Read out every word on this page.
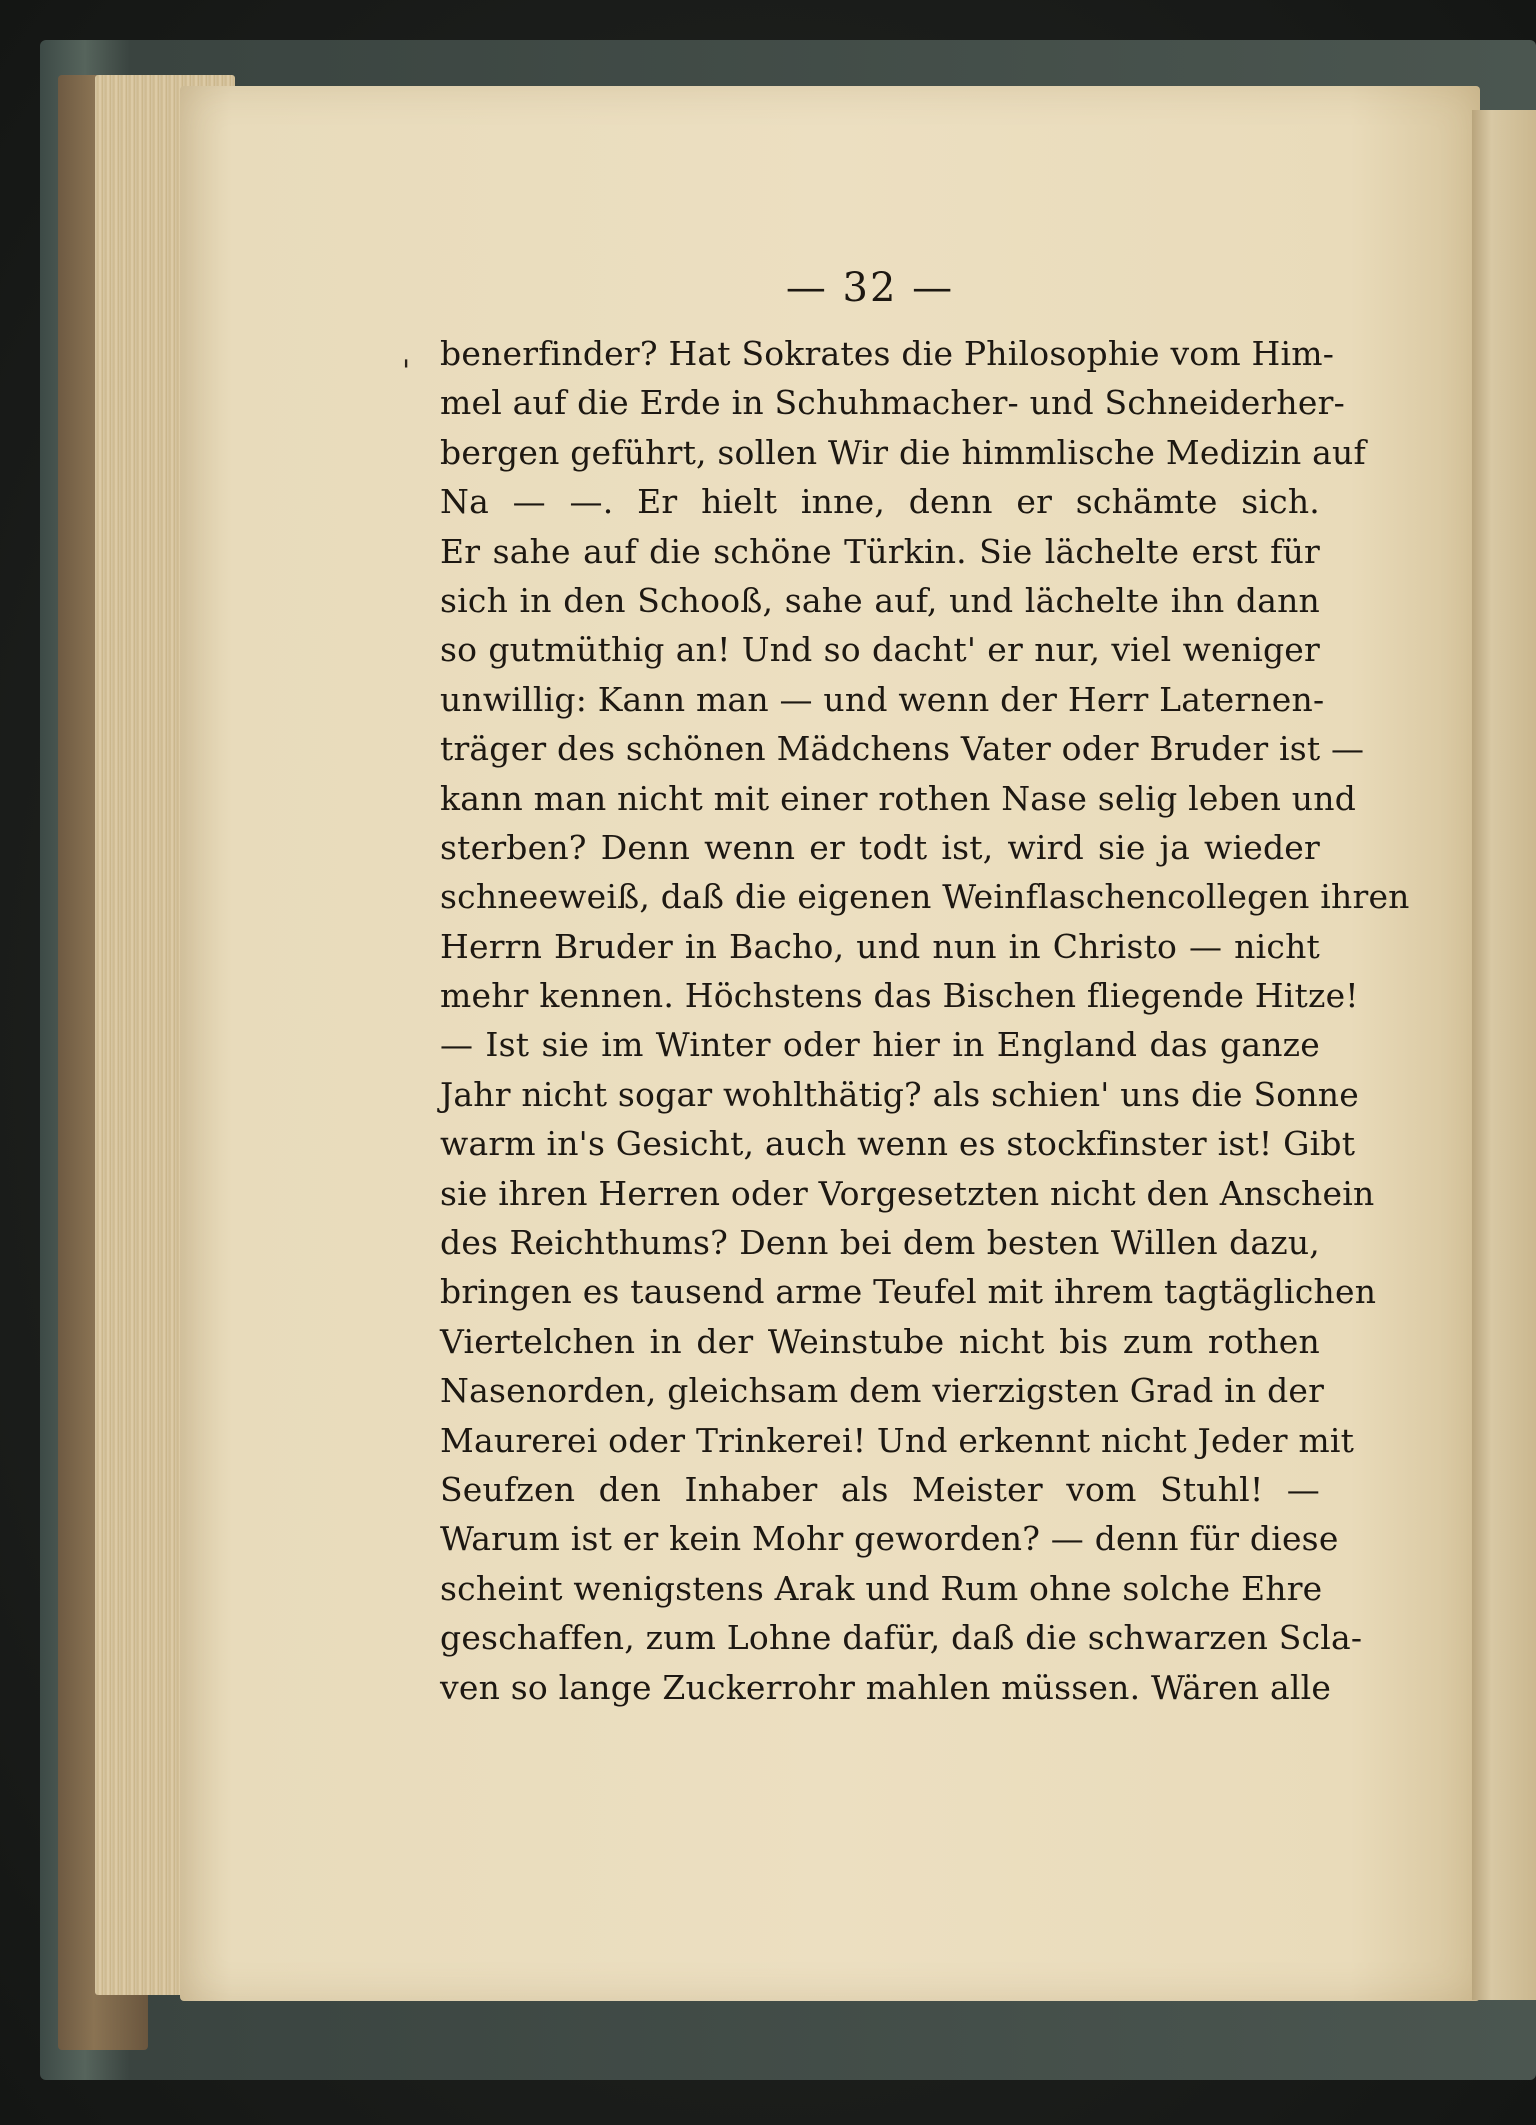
'
— 32 —
benerfinder? Hat Sokrates die Philosophie vom Him-
mel auf die Erde in Schuhmacher- und Schneiderher-
bergen geführt, sollen Wir die himmlische Medizin auf
Na — —. Er hielt inne, denn er schämte sich.
Er sahe auf die schöne Türkin. Sie lächelte erst für
sich in den Schooß, sahe auf, und lächelte ihn dann
so gutmüthig an! Und so dacht' er nur, viel weniger
unwillig: Kann man — und wenn der Herr Laternen-
träger des schönen Mädchens Vater oder Bruder ist —
kann man nicht mit einer rothen Nase selig leben und
sterben? Denn wenn er todt ist, wird sie ja wieder
schneeweiß, daß die eigenen Weinflaschencollegen ihren
Herrn Bruder in Bacho, und nun in Christo — nicht
mehr kennen. Höchstens das Bischen fliegende Hitze!
— Ist sie im Winter oder hier in England das ganze
Jahr nicht sogar wohlthätig? als schien' uns die Sonne
warm in's Gesicht, auch wenn es stockfinster ist! Gibt
sie ihren Herren oder Vorgesetzten nicht den Anschein
des Reichthums? Denn bei dem besten Willen dazu,
bringen es tausend arme Teufel mit ihrem tagtäglichen
Viertelchen in der Weinstube nicht bis zum rothen
Nasenorden, gleichsam dem vierzigsten Grad in der
Maurerei oder Trinkerei! Und erkennt nicht Jeder mit
Seufzen den Inhaber als Meister vom Stuhl! —
Warum ist er kein Mohr geworden? — denn für diese
scheint wenigstens Arak und Rum ohne solche Ehre
geschaffen, zum Lohne dafür, daß die schwarzen Scla-
ven so lange Zuckerrohr mahlen müssen. Wären alle
